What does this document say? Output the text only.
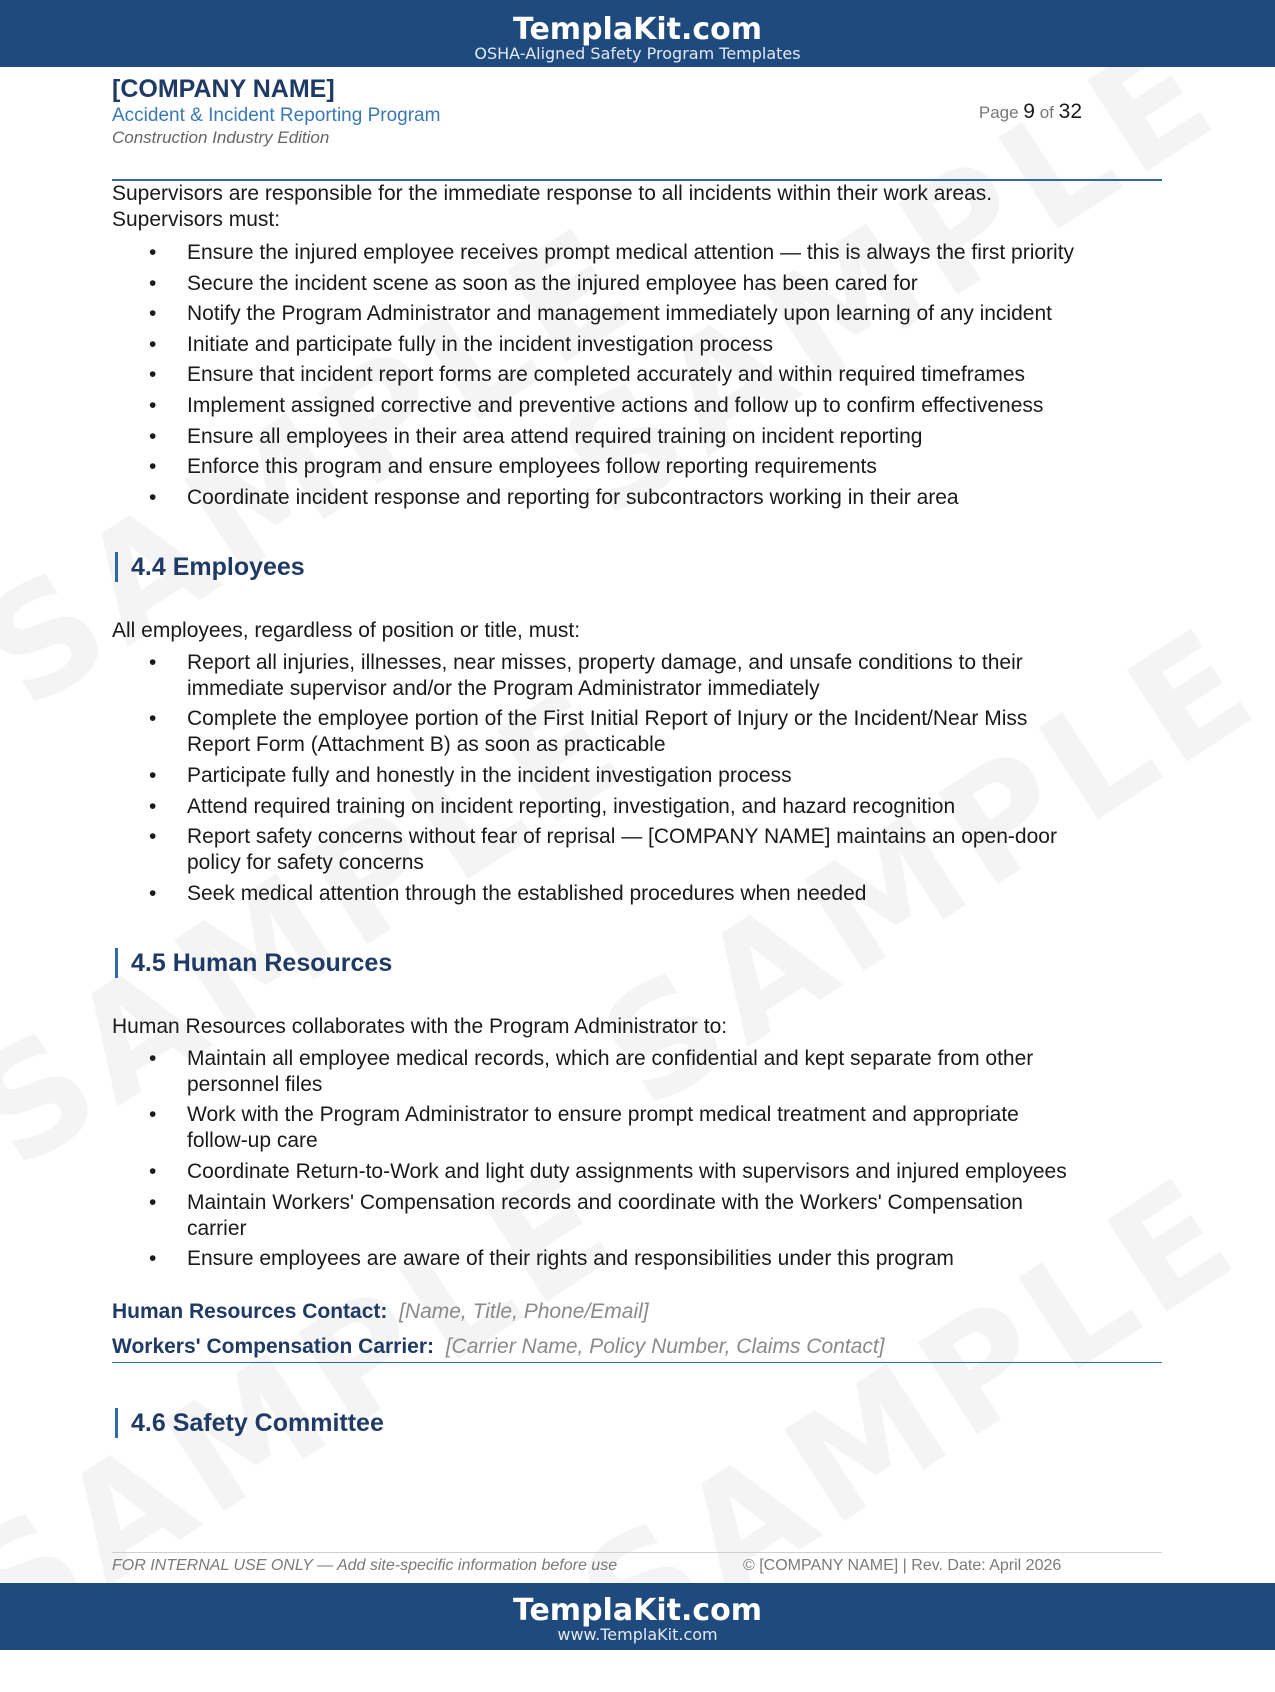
TemplaKit.com
OSHA-Aligned Safety Program Templates
[COMPANY NAME]
Accident & Incident Reporting Program
Construction Industry Edition
Page 9 of 32

Supervisors are responsible for the immediate response to all incidents within their work areas.

Supervisors must:

• Ensure the injured employee receives prompt medical attention — this is always the first priority
• Secure the incident scene as soon as the injured employee has been cared for
• Notify the Program Administrator and management immediately upon learning of any incident
• Initiate and participate fully in the incident investigation process
• Ensure that incident report forms are completed accurately and within required timeframes
• Implement assigned corrective and preventive actions and follow up to confirm effectiveness
• Ensure all employees in their area attend required training on incident reporting
• Enforce this program and ensure employees follow reporting requirements
• Coordinate incident response and reporting for subcontractors working in their area
4.4 Employees

All employees, regardless of position or title, must:

• Report all injuries, illnesses, near misses, property damage, and unsafe conditions to their
immediate supervisor and/or the Program Administrator immediately
• Complete the employee portion of the First Initial Report of Injury or the Incident/Near Miss
Report Form (Attachment B) as soon as practicable
• Participate fully and honestly in the incident investigation process
• Attend required training on incident reporting, investigation, and hazard recognition
• Report safety concerns without fear of reprisal — [COMPANY NAME] maintains an open-door
policy for safety concerns
• Seek medical attention through the established procedures when needed
4.5 Human Resources

Human Resources collaborates with the Program Administrator to:

• Maintain all employee medical records, which are confidential and kept separate from other
personnel files
• Work with the Program Administrator to ensure prompt medical treatment and appropriate
follow-up care
• Coordinate Return-to-Work and light duty assignments with supervisors and injured employees
• Maintain Workers' Compensation records and coordinate with the Workers' Compensation
carrier
• Ensure employees are aware of their rights and responsibilities under this program
Human Resources Contact: [Name, Title, Phone/Email]
Workers' Compensation Carrier: [Carrier Name, Policy Number, Claims Contact]
4.6 Safety Committee
FOR INTERNAL USE ONLY — Add site-specific information before use	© [COMPANY NAME] | Rev. Date: April 2026
TemplaKit.com
www.TemplaKit.com
